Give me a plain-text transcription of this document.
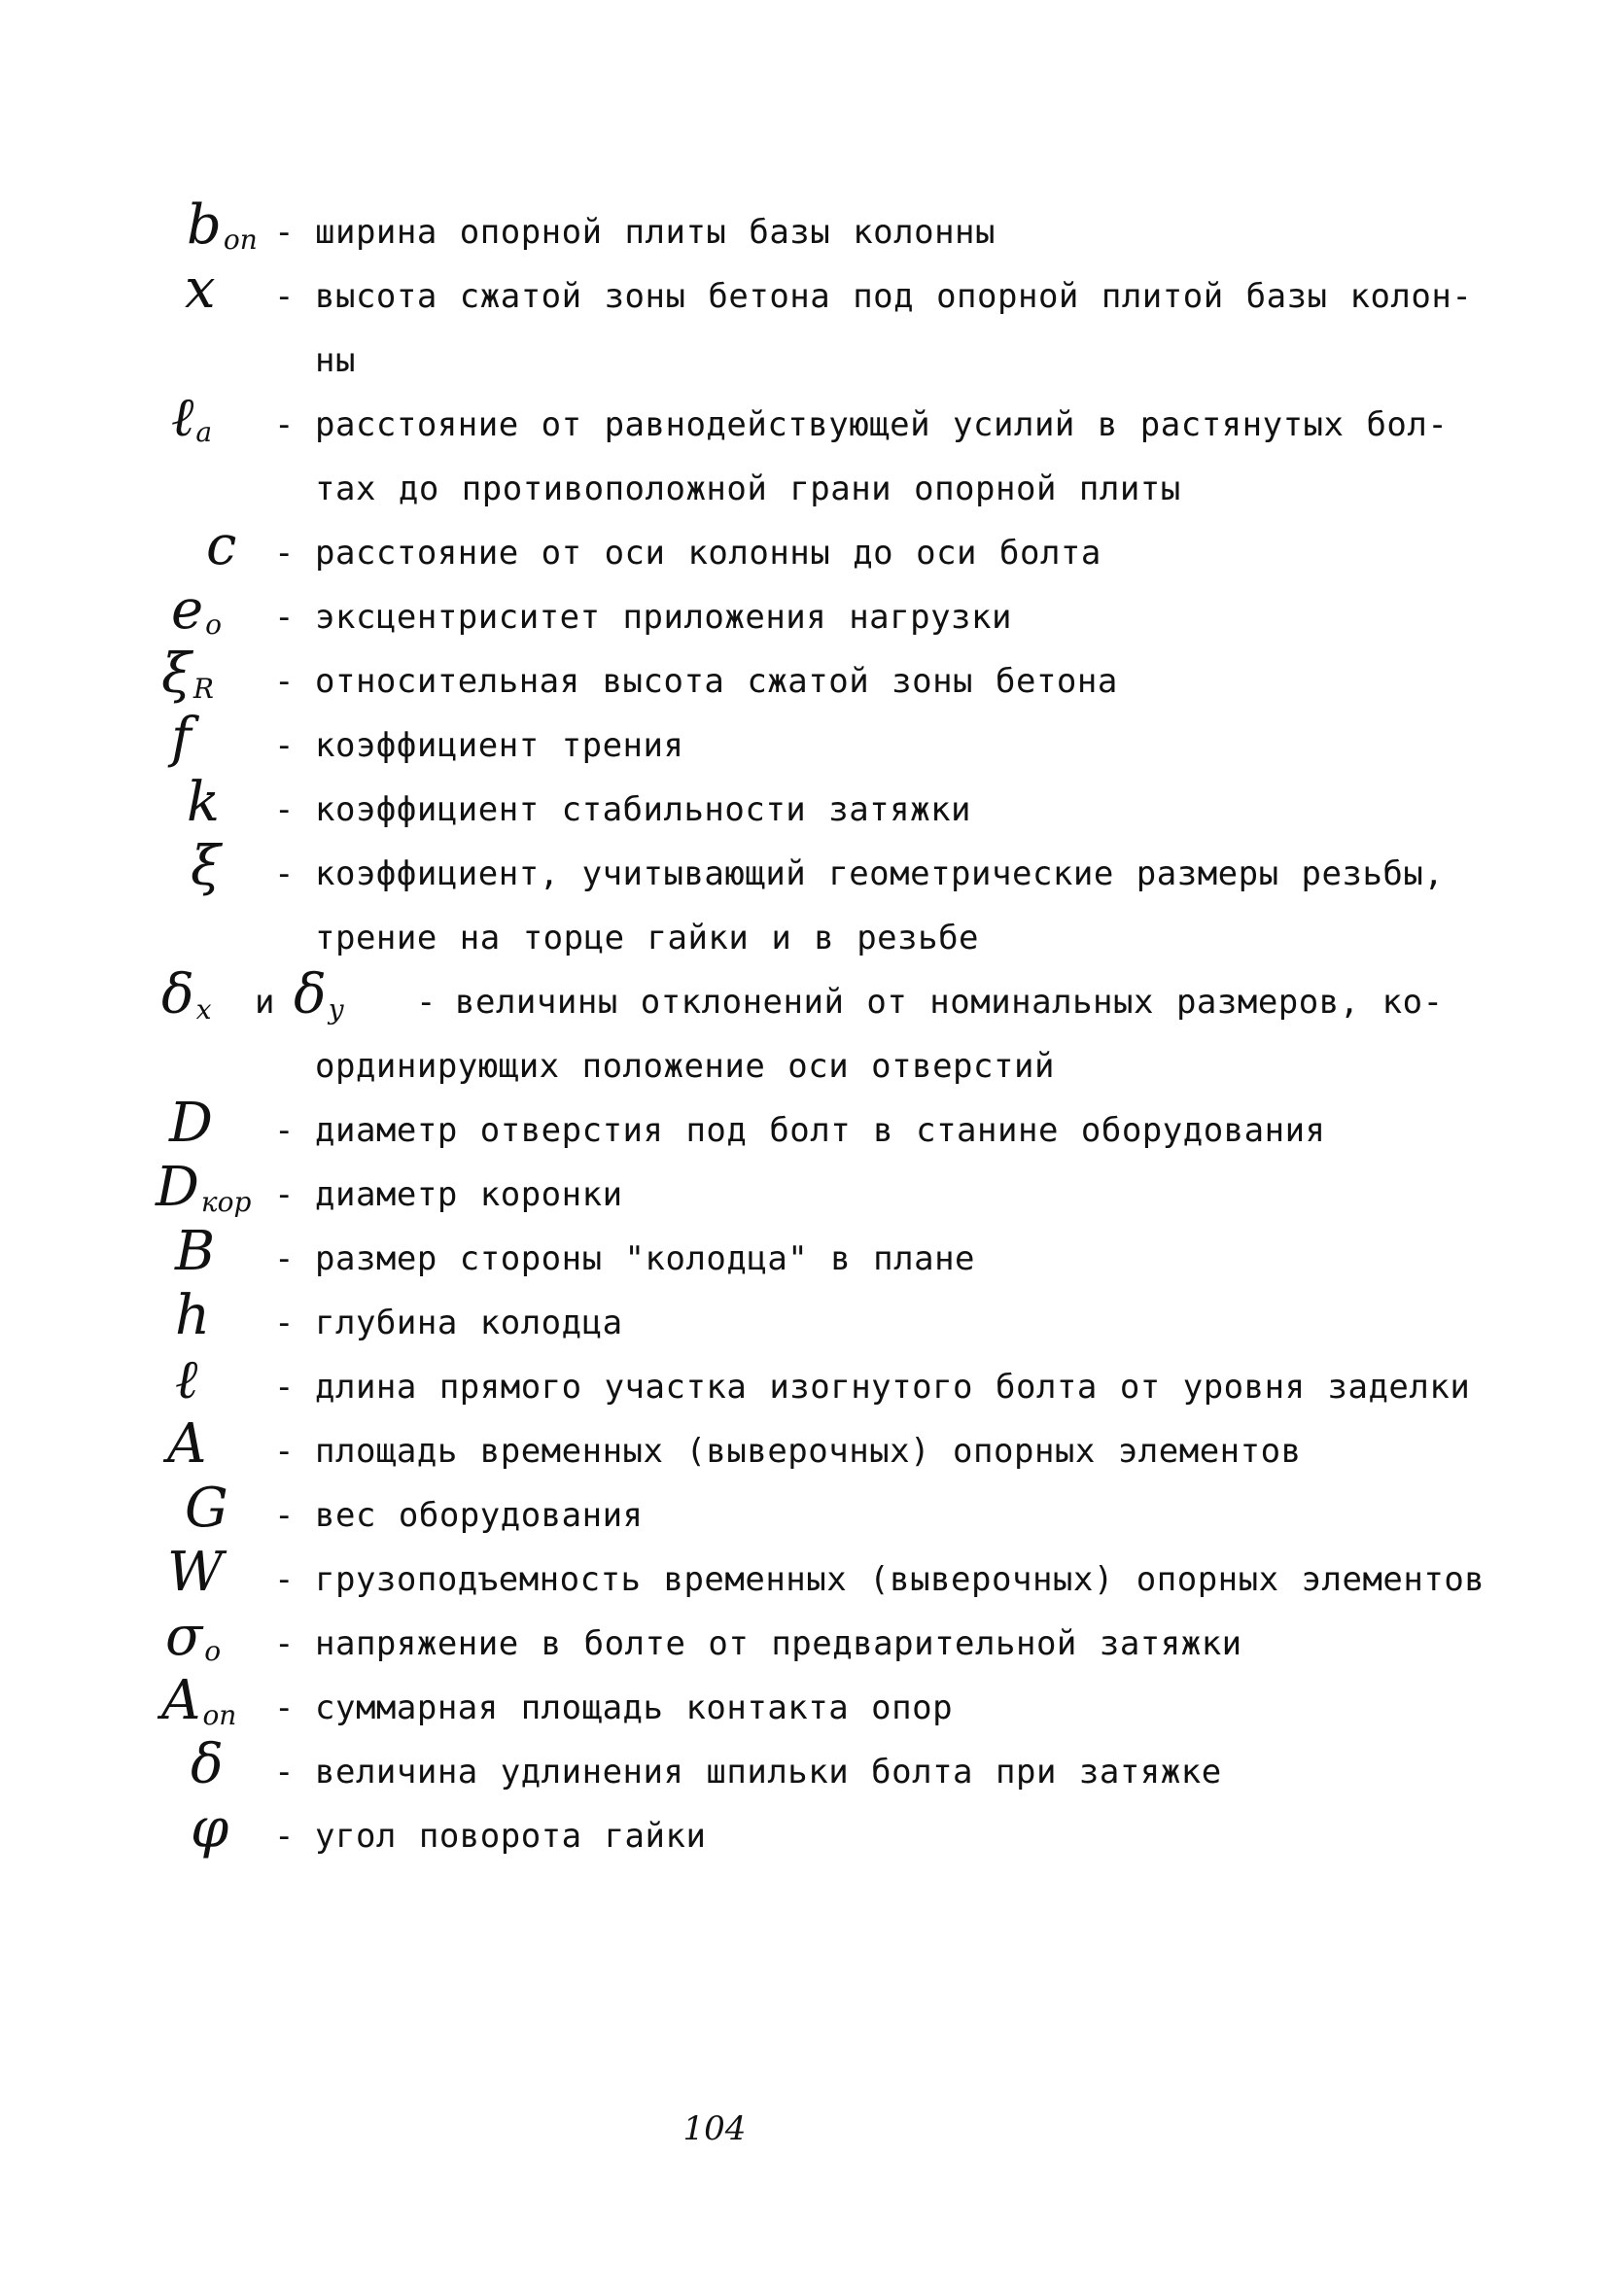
$b_{оп}$ - ширина опорной плиты базы колонны
x - высота сжатой зоны бетона под опорной плитой базы колон-
ны
ℓ$_a$ - расстояние от равнодействующей усилий в растянутых бол-
тах до противоположной грани опорной плиты
c - расстояние от оси колонны до оси болта
$e_o$ - эксцентриситет приложения нагрузки
$\xi_R$ - относительная высота сжатой зоны бетона
f	- коэффициент трения
k - коэффициент стабильности затяжки
ξ - коэффициент, учитывающий геометрические размеры резьбы,
трение на торце гайки и в резьбе
$\delta_x$ и $\delta_y$ - величины отклонений от номинальных размеров, ко-
ординирующих положение оси отверстий
D - диаметр отверстия под болт в станине оборудования
$D_{кор}$ - диаметр коронки
B - размер стороны "колодца" в плане
h - глубина колодца
ℓ - длина прямого участка изогнутого болта от уровня заделки
A - площадь временных (выверочных) опорных элементов
G - вес оборудования
W - грузоподъемность временных (выверочных) опорных элементов
$\sigma_o$ - напряжение в болте от предварительной затяжки
$A_{оп}$ - суммарная площадь контакта опор
δ - величина удлинения шпильки болта при затяжке
φ - угол поворота гайки
104
